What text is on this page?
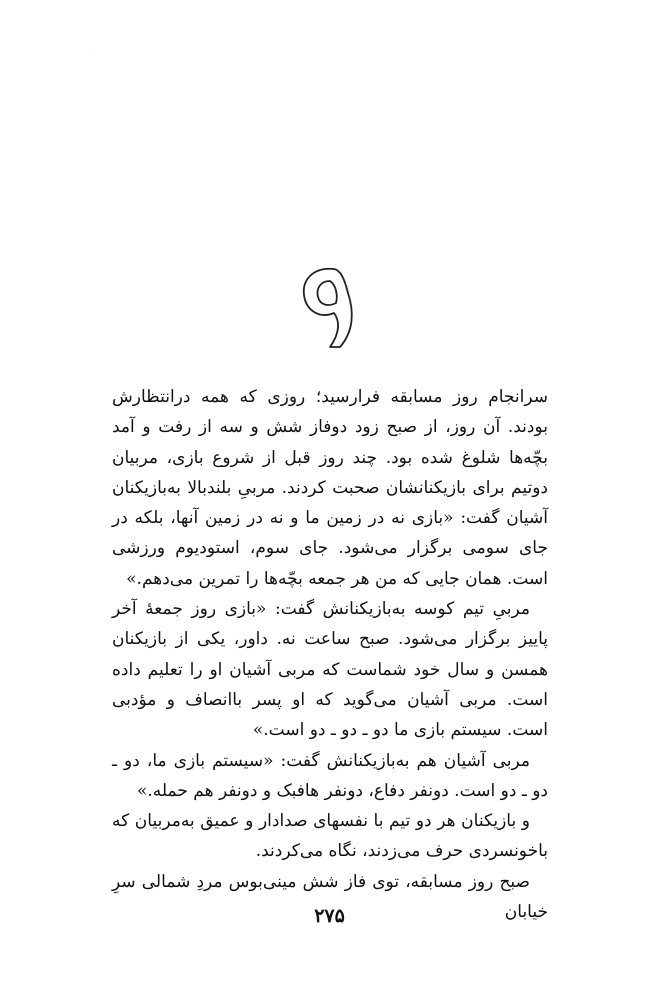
۹

سرانجام روز مسابقه فرارسید؛ روزی که همه درانتظارش بودند. آن روز، از صبح زود دوفاز شش و سه از رفت و آمد بچّه‌ها شلوغ شده بود. چند روز قبل از شروع بازی، مربیان دوتیم برای بازیکنانشان صحبت کردند. مربیِ بلندبالا به‌بازیکنان آشیان گفت: «بازی نه در زمین ما و نه در زمین آنها، بلکه در جای سومی برگزار می‌شود. جای سوم، استودیوم ورزشی است. همان جایی که من هر جمعه بچّه‌ها را تمرین می‌دهم.»

مربیِ تیم کوسه به‌بازیکنانش گفت: «بازی روز جمعهٔ آخر پاییز برگزار می‌شود. صبح ساعت نه. داور، یکی از بازیکنان همسن و سال خود شماست که مربی آشیان او را تعلیم داده است. مربی آشیان می‌گوید که او پسر باانصاف و مؤدبی است. سیستم بازی ما دو ـ دو ـ دو است.»

مربی آشیان هم به‌بازیکنانش گفت: «سیستم بازی ما، دو ـ دو ـ دو است. دونفر دفاع، دونفر هافبک و دونفر هم حمله.»

و بازیکنان هر دو تیم با نفسهای صدادار و عمیق به‌مربیان که باخونسردی حرف می‌زدند، نگاه می‌کردند.

صبح روز مسابقه، توی فاز شش مینی‌بوس مردِ شمالی سرِ خیابان

۲۷۵
